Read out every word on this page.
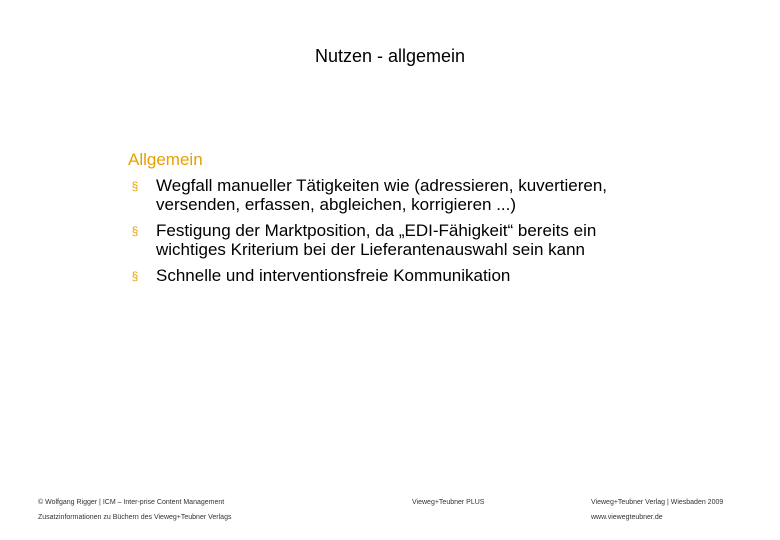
Nutzen - allgemein
Allgemein
§ Wegfall manueller Tätigkeiten wie (adressieren, kuvertieren, versenden, erfassen, abgleichen, korrigieren ...)
§ Festigung der Marktposition, da „EDI-Fähigkeit“ bereits ein wichtiges Kriterium bei der Lieferantenauswahl sein kann
§ Schnelle und interventionsfreie Kommunikation
© Wolfgang Rigger | ICM – Inter-prise Content Management
Zusatzinformationen zu Büchern des Vieweg+Teubner Verlags
Vieweg+Teubner PLUS	Vieweg+Teubner Verlag | Wiesbaden 2009
www.viewegteubner.de
